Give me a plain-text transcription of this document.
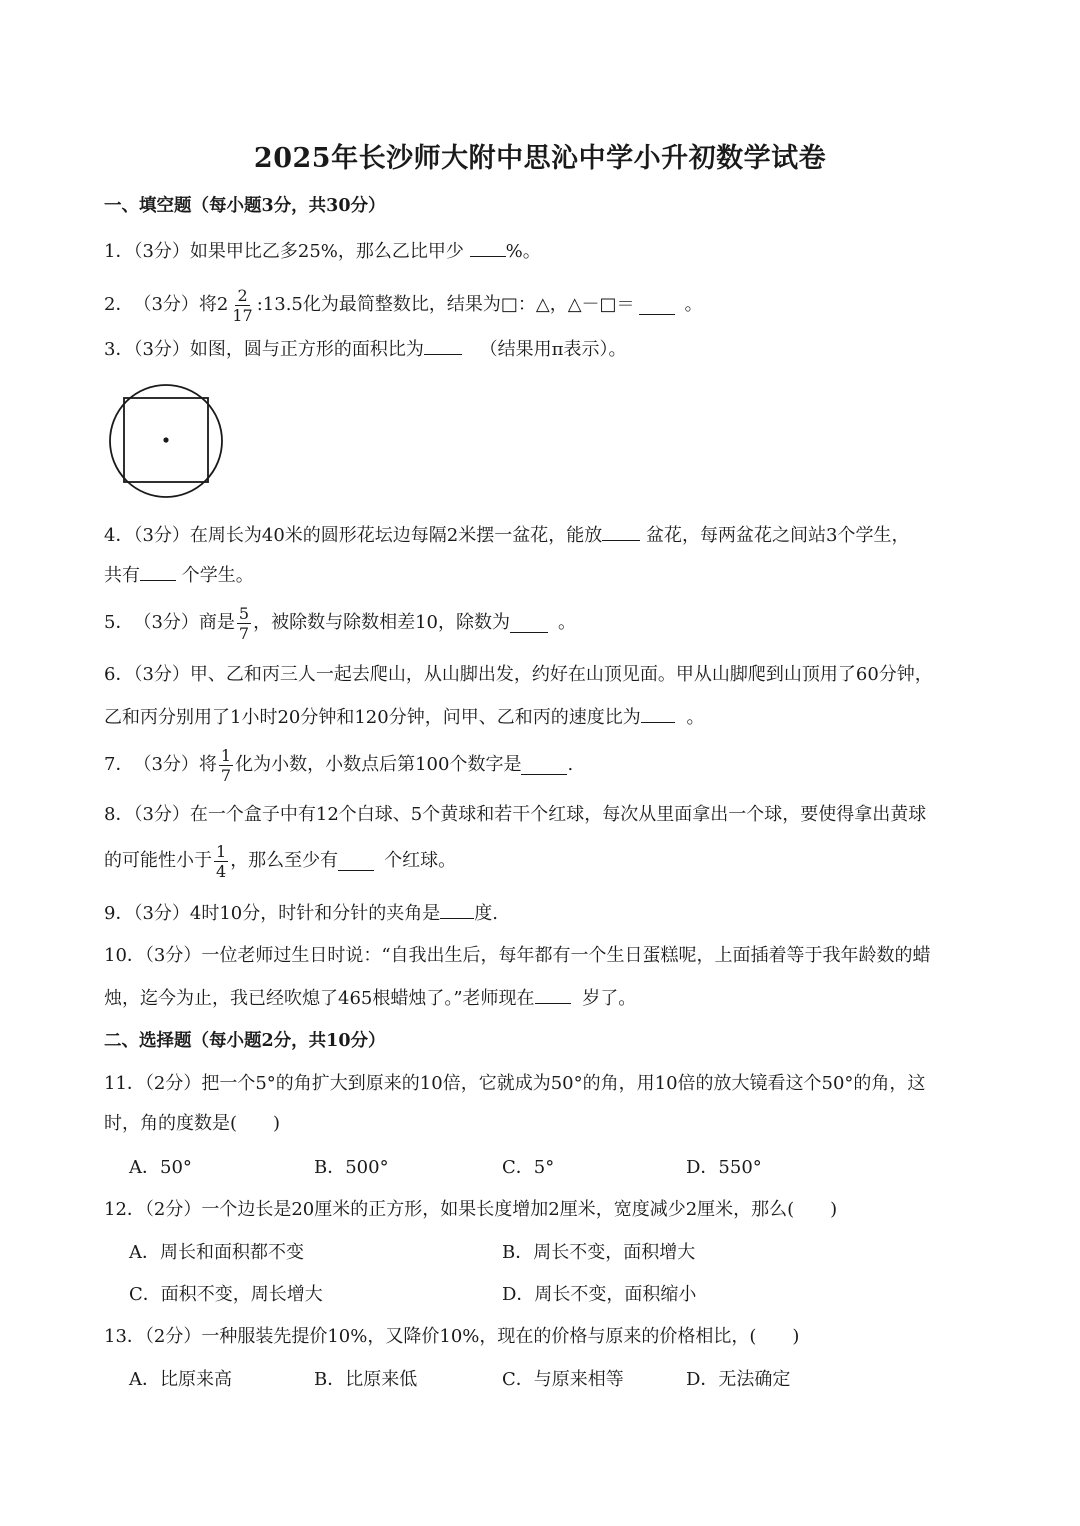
2025年长沙师大附中思沁中学小升初数学试卷
一、填空题（每小题3分，共30分）
1．（3分）如果甲比乙多25%，那么乙比甲少 %。
2． （3分） 将$2 \frac{2}{17}$ :13.5化为最简整数比，结果为□：△，△－□＝	。
3．（3分）如图，圆与正方形的面积比为	（结果用π表示）。
4．（3分）在周长为40米的圆形花坛边每隔2米摆一盆花，能放 盆花，每两盆花之间站3个学生，
共有 个学生。
5． （3分） 商是 $\frac{5}{7}$ ，被除数与除数相差10，除数为	。
6．（3分）甲、乙和丙三人一起去爬山，从山脚出发，约好在山顶见面。甲从山脚爬到山顶用了60分钟，
乙和丙分别用了1小时20分钟和120分钟，问甲、乙和丙的速度比为	。
7． （3分） 将 $\frac{1}{7}$ 化为小数，小数点后第100个数字是	.
8．（3分）在一个盒子中有12个白球、5个黄球和若干个红球，每次从里面拿出一个球，要使得拿出黄球
的可能性小于 $\frac{1}{4}$ ，那么至少有	个红球。
9．（3分）4时10分，时针和分针的夹角是 度.
10．（3分）一位老师过生日时说：“自我出生后，每年都有一个生日蛋糕呢，上面插着等于我年龄数的蜡
烛，迄今为止，我已经吹熄了465根蜡烛了。”老师现在	岁了。
二、选择题（每小题2分，共10分）
11．（2分）把一个5°的角扩大到原来的10倍，它就成为50°的角，用10倍的放大镜看这个50°的角，这
时，角的度数是(　　)
A．50°	B．500°	C．5°	D．550°
12．（2分）一个边长是20厘米的正方形，如果长度增加2厘米，宽度减少2厘米，那么(　　)
A．周长和面积都不变	B．周长不变，面积增大
C．面积不变，周长增大	D．周长不变，面积缩小
13．（2分）一种服装先提价10%，又降价10%，现在的价格与原来的价格相比，(　　)
A．比原来高	B．比原来低	C．与原来相等	D．无法确定
